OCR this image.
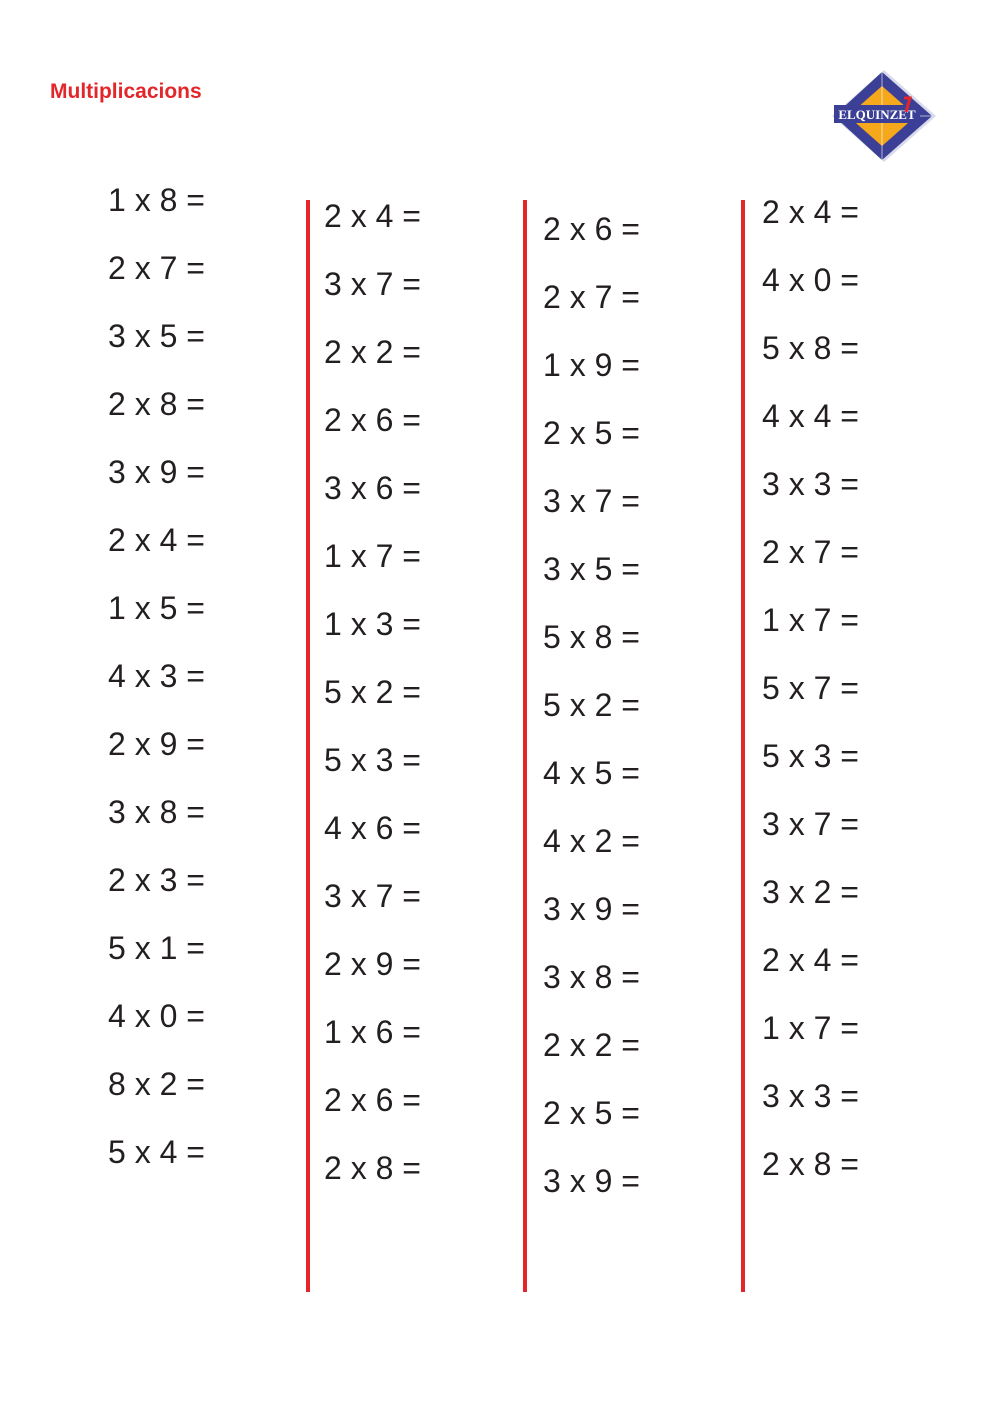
Multiplicacions
ELQUINZET
1 x 8 =
2 x 7 =
3 x 5 =
2 x 8 =
3 x 9 =
2 x 4 =
1 x 5 =
4 x 3 =
2 x 9 =
3 x 8 =
2 x 3 =
5 x 1 =
4 x 0 =
8 x 2 =
5 x 4 =
2 x 4 =
3 x 7 =
2 x 2 =
2 x 6 =
3 x 6 =
1 x 7 =
1 x 3 =
5 x 2 =
5 x 3 =
4 x 6 =
3 x 7 =
2 x 9 =
1 x 6 =
2 x 6 =
2 x 8 =
2 x 6 =
2 x 7 =
1 x 9 =
2 x 5 =
3 x 7 =
3 x 5 =
5 x 8 =
5 x 2 =
4 x 5 =
4 x 2 =
3 x 9 =
3 x 8 =
2 x 2 =
2 x 5 =
3 x 9 =
2 x 4 =
4 x 0 =
5 x 8 =
4 x 4 =
3 x 3 =
2 x 7 =
1 x 7 =
5 x 7 =
5 x 3 =
3 x 7 =
3 x 2 =
2 x 4 =
1 x 7 =
3 x 3 =
2 x 8 =
